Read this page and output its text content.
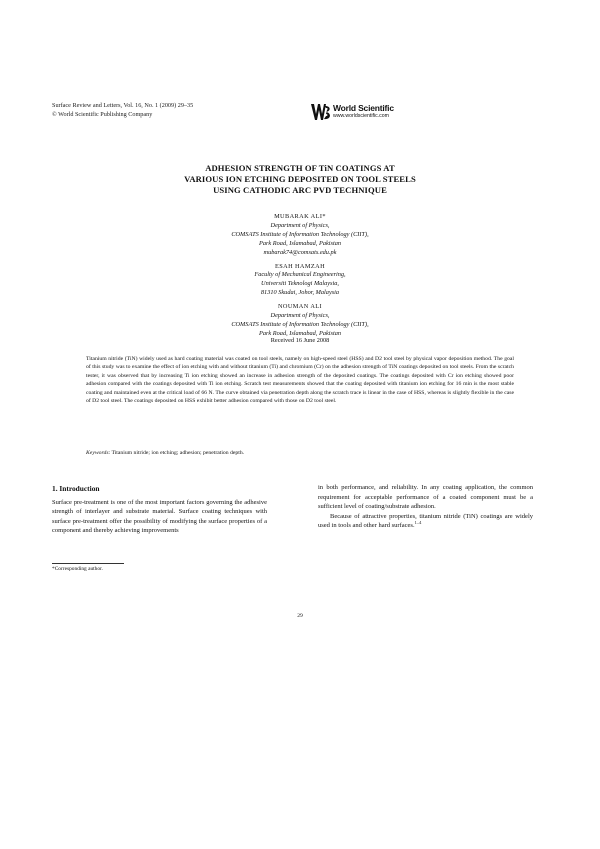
Surface Review and Letters, Vol. 16, No. 1 (2009) 29–35
© World Scientific Publishing Company
World Scientific
www.worldscientific.com
ADHESION STRENGTH OF TiN COATINGS AT
VARIOUS ION ETCHING DEPOSITED ON TOOL STEELS
USING CATHODIC ARC PVD TECHNIQUE
MUBARAK ALI*
Department of Physics,
COMSATS Institute of Information Technology (CIIT),
Park Road, Islamabad, Pakistan
mubarak74@comsats.edu.pk
ESAH HAMZAH
Faculty of Mechanical Engineering,
Universiti Teknologi Malaysia,
81310 Skudai, Johor, Malaysia
NOUMAN ALI
Department of Physics,
COMSATS Institute of Information Technology (CIIT),
Park Road, Islamabad, Pakistan
Received 16 June 2008
Titanium nitride (TiN) widely used as hard coating material was coated on tool steels, namely on high-speed steel (HSS) and D2 tool steel by physical vapor deposition method. The goal of this study was to examine the effect of ion etching with and without titanium (Ti) and chromium (Cr) on the adhesion strength of TiN coatings deposited on tool steels. From the scratch tester, it was observed that by increasing Ti ion etching showed an increase in adhesion strength of the deposited coatings. The coatings deposited with Cr ion etching showed poor adhesion compared with the coatings deposited with Ti ion etching. Scratch test measurements showed that the coating deposited with titanium ion etching for 16 min is the most stable coating and maintained even at the critical load of 66 N. The curve obtained via penetration depth along the scratch trace is linear in the case of HSS, whereas is slightly flexible in the case of D2 tool steel. The coatings deposited on HSS exhibit better adhesion compared with those on D2 tool steel.
Keywords: Titanium nitride; ion etching; adhesion; penetration depth.
1. Introduction

Surface pre-treatment is one of the most important factors governing the adhesive strength of interlayer and substrate material. Surface coating techniques with surface pre-treatment offer the possibility of modifying the surface properties of a component and thereby achieving improvements

in both performance, and reliability. In any coating application, the common requirement for acceptable performance of a coated component must be a sufficient level of coating/substrate adhesion.

Because of attractive properties, titanium nitride (TiN) coatings are widely used in tools and other hard surfaces.$^{1-4}$

*Corresponding author.
29
